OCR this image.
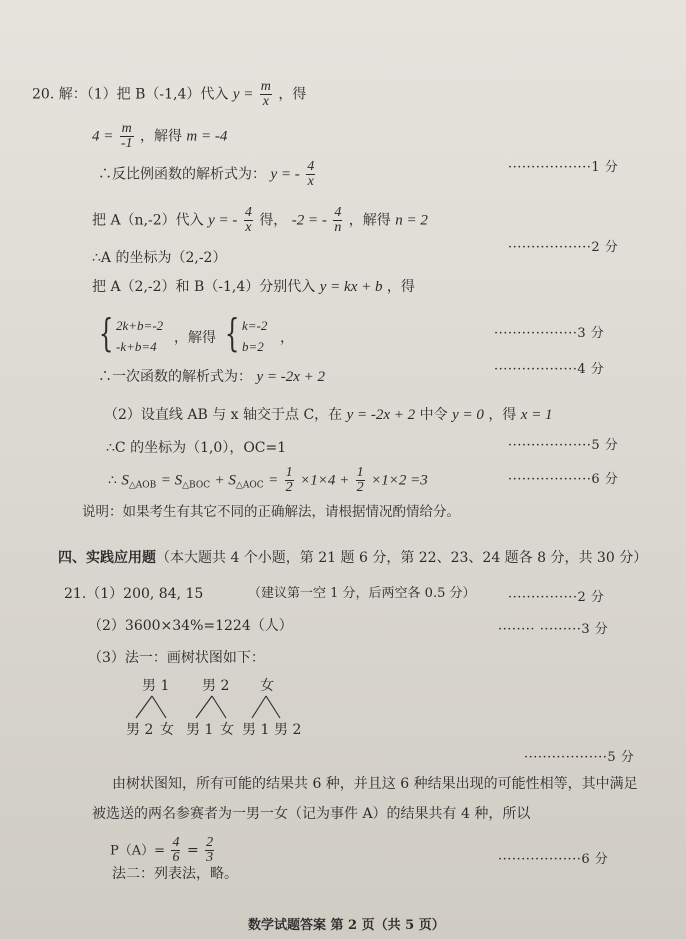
20. 解：（1）把 B（-1,4）代入 $y = \frac{m}{x}$ ，得
$4 = \frac{m}{-1}$ ，解得 m = -4
∴反比例函数的解析式为： y = - $\frac{4}{x}$	··················1 分
把 A（n,-2）代入 y = - $\frac{4}{x}$ 得， -2 = - $\frac{4}{n}$ ，解得 n = 2
··················2 分
∴A 的坐标为（2,-2）
把 A（2,-2）和 B（-1,4）分别代入 y = kx + b ，得
{ 2k+b=-2
-k+b=4
，解得 { k=-2
b=2
，	··················3 分
∴一次函数的解析式为： y = -2x + 2	··················4 分
（2）设直线 AB 与 x 轴交于点 C，在 y = -2x + 2 中令 y = 0 ，得 x = 1
∴C 的坐标为（1,0），OC=1	··················5 分
∴ $S_{\triangle AOB} = S_{\triangle BOC} + S_{\triangle AOC} = \frac{1}{2} \times 1\times 4 + \frac{1}{2} \times 1\times 2 =3$	··················6 分
说明：如果考生有其它不同的正确解法，请根据情况酌情给分。
四、实践应用题（本大题共 4 个小题，第 21 题 6 分，第 22、23、24 题各 8 分，共 30 分）
21.（1）200, 84, 15	（建议第一空 1 分，后两空各 0.5 分）	···············2 分
（2）3600×34%=1224（人）	········ ·········3 分
（3）法一：画树状图如下：
男 1 男 2 女
男 2 女 男 1 女 男 1 男 2
··················5 分
由树状图知，所有可能的结果共 6 种，并且这 6 种结果出现的可能性相等，其中满足
被选送的两名参赛者为一男一女（记为事件 A）的结果共有 4 种，所以
$P(A)= \frac{4}{6} = \frac{2}{3}$	··················6 分
法二：列表法，略。
数学试题答案 第 2 页（共 5 页）
